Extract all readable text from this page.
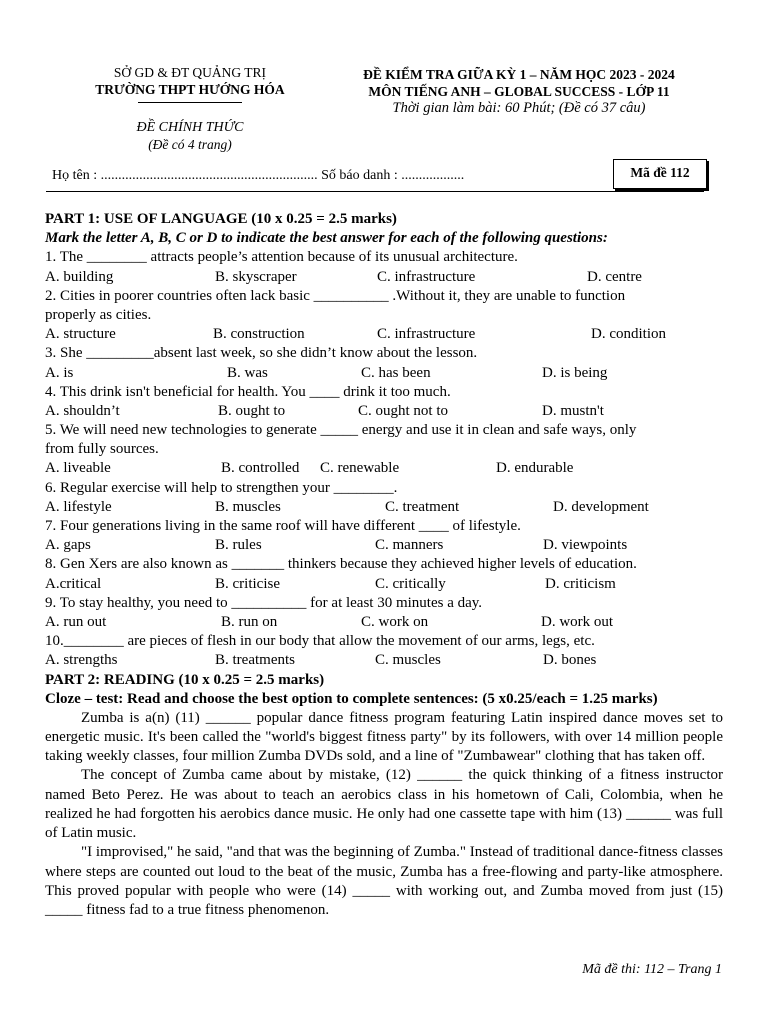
SỞ GD & ĐT QUẢNG TRỊ
TRƯỜNG THPT HƯỚNG HÓA
ĐỀ CHÍNH THỨC
(Đề có 4 trang)
ĐỀ KIỂM TRA GIỮA KỲ 1 – NĂM HỌC 2023 - 2024
MÔN TIẾNG ANH – GLOBAL SUCCESS - LỚP 11
Thời gian làm bài: 60 Phút; (Đề có 37 câu)
Họ tên : .............................................................. Số báo danh : ..................	Mã đề 112
PART 1: USE OF LANGUAGE (10 x 0.25 = 2.5 marks)
Mark the letter A, B, C or D to indicate the best answer for each of the following questions:
1. The ________ attracts people’s attention because of its unusual architecture.
A. building	B. skyscraper	C. infrastructure	D. centre
2. Cities in poorer countries often lack basic __________ .Without it, they are unable to function
properly as cities.
A. structure	B. construction	C. infrastructure	D. condition
3. She _________absent last week, so she didn’t know about the lesson.
A. is	B. was	C. has been	D. is being
4. This drink isn't beneficial for health. You ____ drink it too much.
A. shouldn’t	B. ought to	C. ought not to	D. mustn't
5. We will need new technologies to generate _____ energy and use it in clean and safe ways, only
from fully sources.
A. liveable	B. controlled C. renewable	D. endurable
6. Regular exercise will help to strengthen your ________.
A. lifestyle	B. muscles	C. treatment	D. development
7. Four generations living in the same roof will have different ____ of lifestyle.
A. gaps	B. rules	C. manners	D. viewpoints
8. Gen Xers are also known as _______ thinkers because they achieved higher levels of education.
A.critical	B. criticise	C. critically	D. criticism
9. To stay healthy, you need to __________ for at least 30 minutes a day.
A. run out	B. run on	C. work on	D. work out
10.________ are pieces of flesh in our body that allow the movement of our arms, legs, etc.
A. strengths	B. treatments	C. muscles	D. bones
PART 2: READING (10 x 0.25 = 2.5 marks)
Cloze – test: Read and choose the best option to complete sentences: (5 x0.25/each = 1.25 marks)
Zumba is a(n) (11) ______ popular dance fitness program featuring Latin inspired dance moves set to energetic music. It's been called the "world's biggest fitness party" by its followers, with over 14 million people taking weekly classes, four million Zumba DVDs sold, and a line of "Zumbawear" clothing that has taken off.
The concept of Zumba came about by mistake, (12) ______ the quick thinking of a fitness instructor named Beto Perez. He was about to teach an aerobics class in his hometown of Cali, Colombia, when he realized he had forgotten his aerobics dance music. He only had one cassette tape with him (13) ______ was full of Latin music.
"I improvised," he said, "and that was the beginning of Zumba." Instead of traditional dance-fitness classes where steps are counted out loud to the beat of the music, Zumba has a free-flowing and party-like atmosphere. This proved popular with people who were (14) _____ with working out, and Zumba moved from just (15) _____ fitness fad to a true fitness phenomenon.
Mã đề thi: 112 – Trang 1
